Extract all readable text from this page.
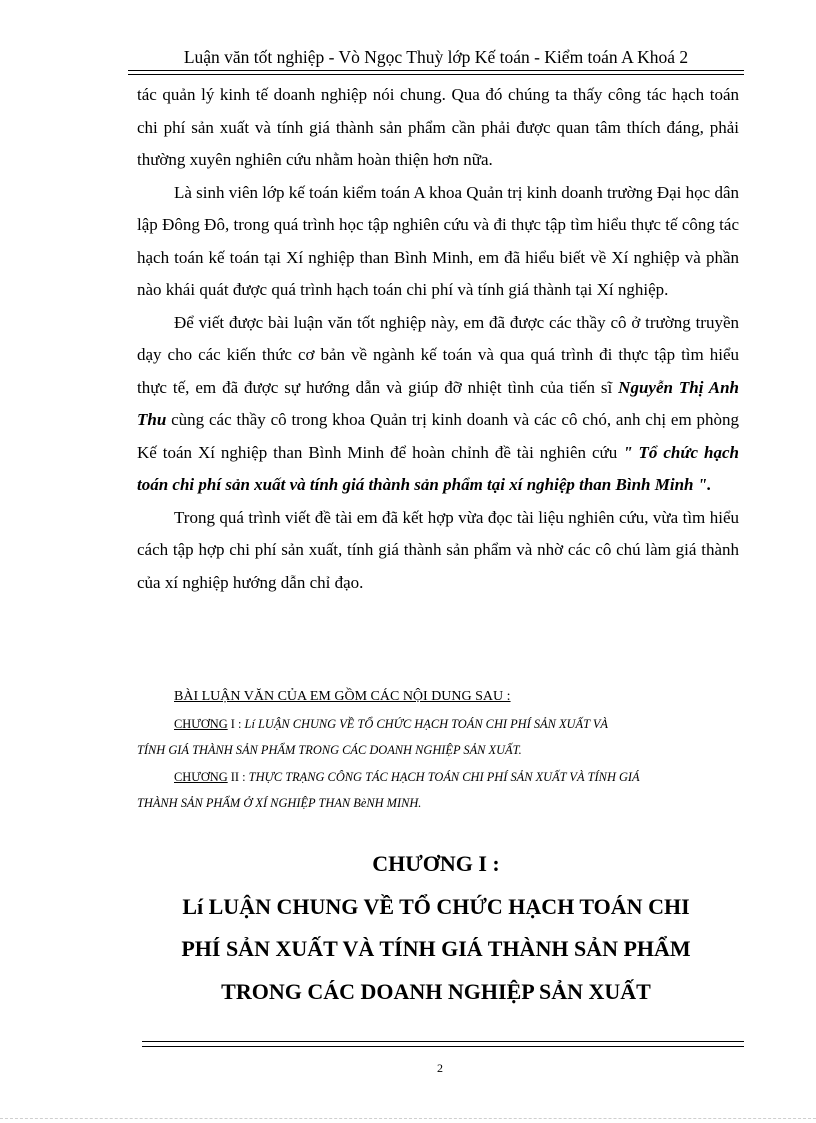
Luận văn tốt nghiệp - Vò Ngọc Thuỳ lớp Kế toán - Kiểm toán A Khoá 2

tác quản lý kinh tế doanh nghiệp nói chung. Qua đó chúng ta thấy công tác hạch toán chi phí sản xuất và tính giá thành sản phẩm cần phải được quan tâm thích đáng, phải thường xuyên nghiên cứu nhằm hoàn thiện hơn nữa.

Là sinh viên lớp kế toán kiểm toán A khoa Quản trị kinh doanh trường Đại học dân lập Đông Đô, trong quá trình học tập nghiên cứu và đi thực tập tìm hiểu thực tế công tác hạch toán kế toán tại Xí nghiệp than Bình Minh, em đã hiểu biết về Xí nghiệp và phần nào khái quát được quá trình hạch toán chi phí và tính giá thành tại Xí nghiệp.

Để viết được bài luận văn tốt nghiệp này, em đã được các thầy cô ở trường truyền dạy cho các kiến thức cơ bản về ngành kế toán và qua quá trình đi thực tập tìm hiểu thực tế, em đã được sự hướng dẫn và giúp đỡ nhiệt tình của tiến sĩ Nguyễn Thị Anh Thu cùng các thầy cô trong khoa Quản trị kinh doanh và các cô chó, anh chị em phòng Kế toán Xí nghiệp than Bình Minh để hoàn chỉnh đề tài nghiên cứu " Tổ chức hạch toán chi phí sản xuất và tính giá thành sản phẩm tại xí nghiệp than Bình Minh ".

Trong quá trình viết đề tài em đã kết hợp vừa đọc tài liệu nghiên cứu, vừa tìm hiểu cách tập hợp chi phí sản xuất, tính giá thành sản phẩm và nhờ các cô chú làm giá thành của xí nghiệp hướng dẫn chỉ đạo.

BÀI LUẬN VĂN CỦA EM GỒM CÁC NỘI DUNG SAU :

CHƯƠNG I : Lí LUẬN CHUNG VỀ TỔ CHỨC HẠCH TOÁN CHI PHÍ SẢN XUẤT VÀ

TÍNH GIÁ THÀNH SẢN PHẨM TRONG CÁC DOANH NGHIỆP SẢN XUẤT.

CHƯƠNG II : THỰC TRẠNG CÔNG TÁC HẠCH TOÁN CHI PHÍ SẢN XUẤT VÀ TÍNH GIÁ

THÀNH SẢN PHẨM Ở XÍ NGHIỆP THAN BèNH MINH.

CHƯƠNG I :

Lí LUẬN CHUNG VỀ TỔ CHỨC HẠCH TOÁN CHI

PHÍ SẢN XUẤT VÀ TÍNH GIÁ THÀNH SẢN PHẨM

TRONG CÁC DOANH NGHIỆP SẢN XUẤT

2
